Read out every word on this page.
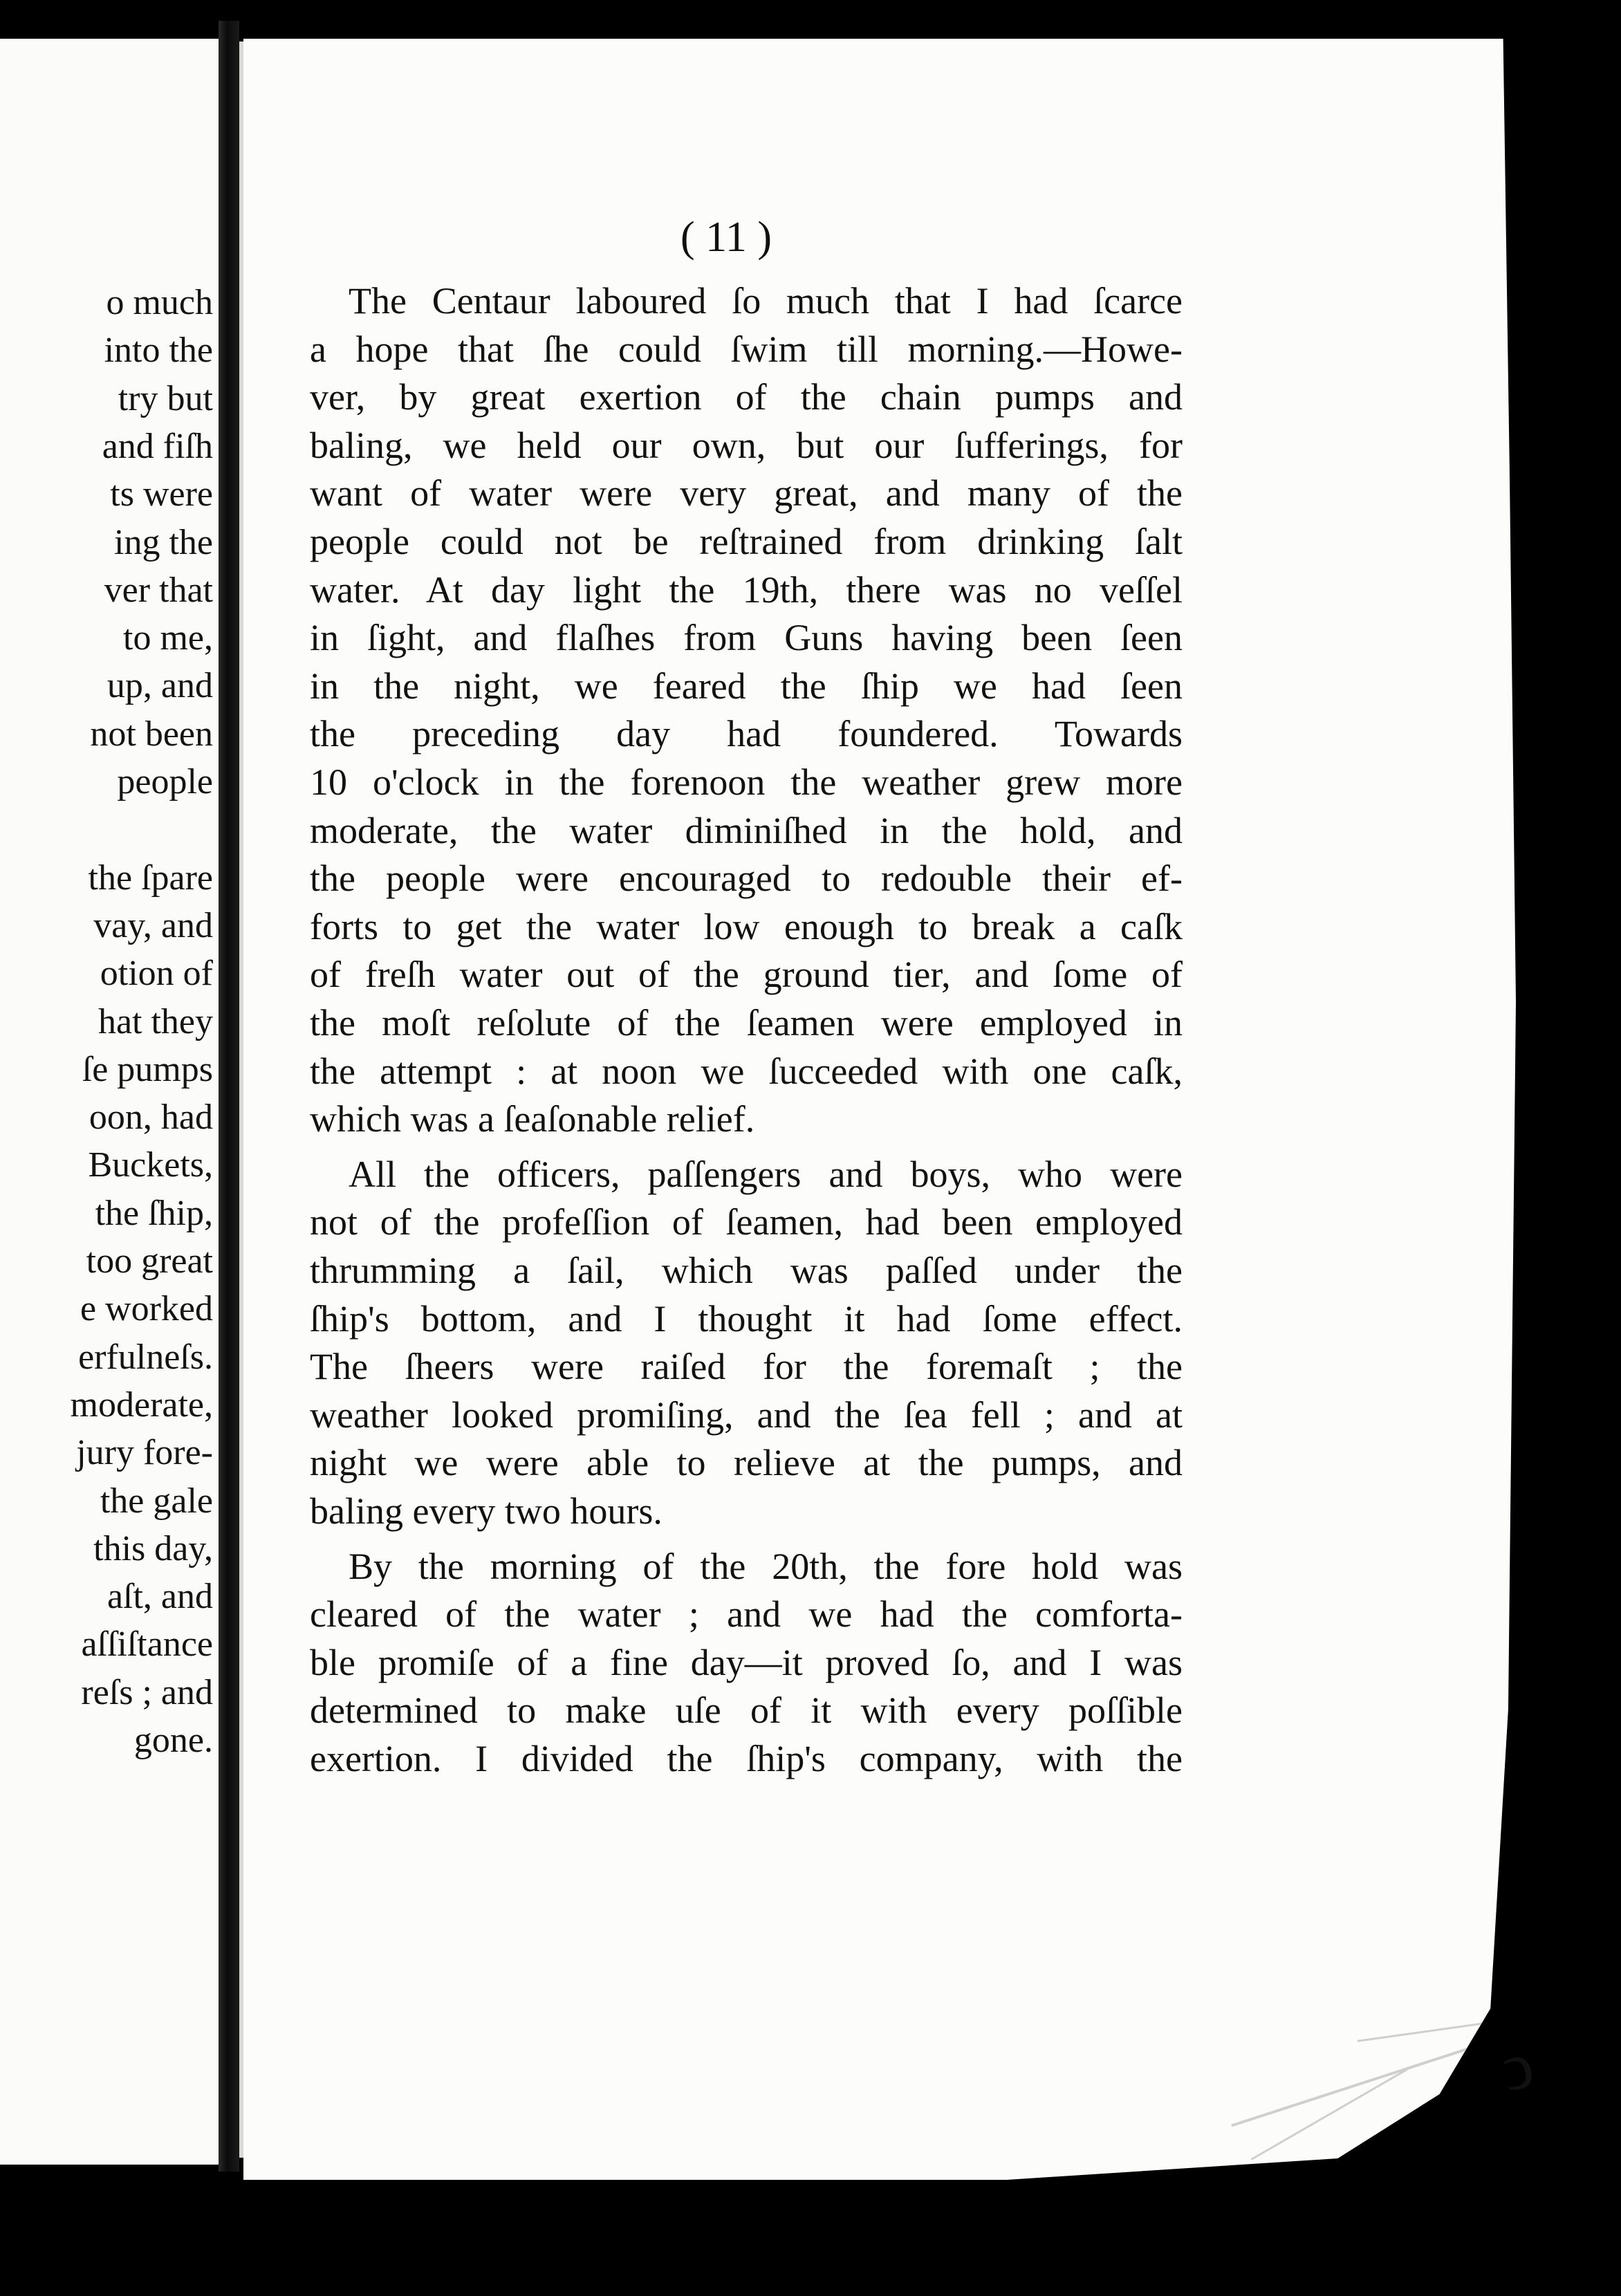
o much
into the
try but
and fiſh
ts were
ing the
ver that
to me,
up, and
not been
people
the ſpare
vay, and
otion of
hat they
ſe pumps
oon, had
Buckets,
the ſhip,
too great
e worked
erfulneſs.
moderate,
jury fore-
the gale
this day,
aſt, and
aſſiſtance
reſs ; and
gone.
( 11 )
The Centaur laboured ſo much that I had ſcarce
a hope that ſhe could ſwim till morning.—Howe-
ver, by great exertion of the chain pumps and
baling, we held our own, but our ſufferings, for
want of water were very great, and many of the
people could not be reſtrained from drinking ſalt
water. At day light the 19th, there was no veſſel
in ſight, and flaſhes from Guns having been ſeen
in the night, we feared the ſhip we had ſeen
the preceding day had foundered. Towards
10 o'clock in the forenoon the weather grew more
moderate, the water diminiſhed in the hold, and
the people were encouraged to redouble their ef-
forts to get the water low enough to break a caſk
of freſh water out of the ground tier, and ſome of
the moſt reſolute of the ſeamen were employed in
the attempt : at noon we ſucceeded with one caſk,
which was a ſeaſonable relief.
All the officers, paſſengers and boys, who were
not of the profeſſion of ſeamen, had been employed
thrumming a ſail, which was paſſed under the
ſhip's bottom, and I thought it had ſome effect.
The ſheers were raiſed for the foremaſt ; the
weather looked promiſing, and the ſea fell ; and at
night we were able to relieve at the pumps, and
baling every two hours.
By the morning of the 20th, the fore hold was
cleared of the water ; and we had the comforta-
ble promiſe of a fine day—it proved ſo, and I was
determined to make uſe of it with every poſſible
exertion. I divided the ſhip's company, with the
ↄ
